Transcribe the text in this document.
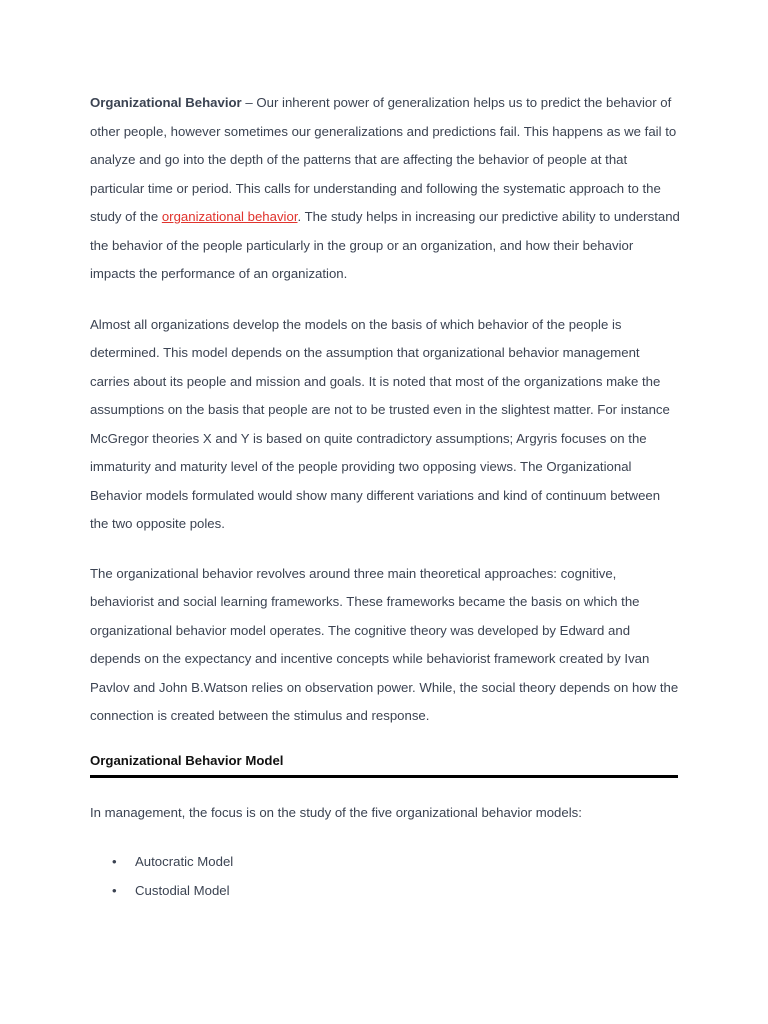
Organizational Behavior – Our inherent power of generalization helps us to predict the behavior of other people, however sometimes our generalizations and predictions fail. This happens as we fail to analyze and go into the depth of the patterns that are affecting the behavior of people at that particular time or period. This calls for understanding and following the systematic approach to the study of the organizational behavior. The study helps in increasing our predictive ability to understand the behavior of the people particularly in the group or an organization, and how their behavior impacts the performance of an organization.

Almost all organizations develop the models on the basis of which behavior of the people is determined. This model depends on the assumption that organizational behavior management carries about its people and mission and goals. It is noted that most of the organizations make the assumptions on the basis that people are not to be trusted even in the slightest matter. For instance McGregor theories X and Y is based on quite contradictory assumptions; Argyris focuses on the immaturity and maturity level of the people providing two opposing views. The Organizational Behavior models formulated would show many different variations and kind of continuum between the two opposite poles.

The organizational behavior revolves around three main theoretical approaches: cognitive, behaviorist and social learning frameworks. These frameworks became the basis on which the organizational behavior model operates. The cognitive theory was developed by Edward and depends on the expectancy and incentive concepts while behaviorist framework created by Ivan Pavlov and John B.Watson relies on observation power. While, the social theory depends on how the connection is created between the stimulus and response.

Organizational Behavior Model

In management, the focus is on the study of the five organizational behavior models:

• Autocratic Model
• Custodial Model
